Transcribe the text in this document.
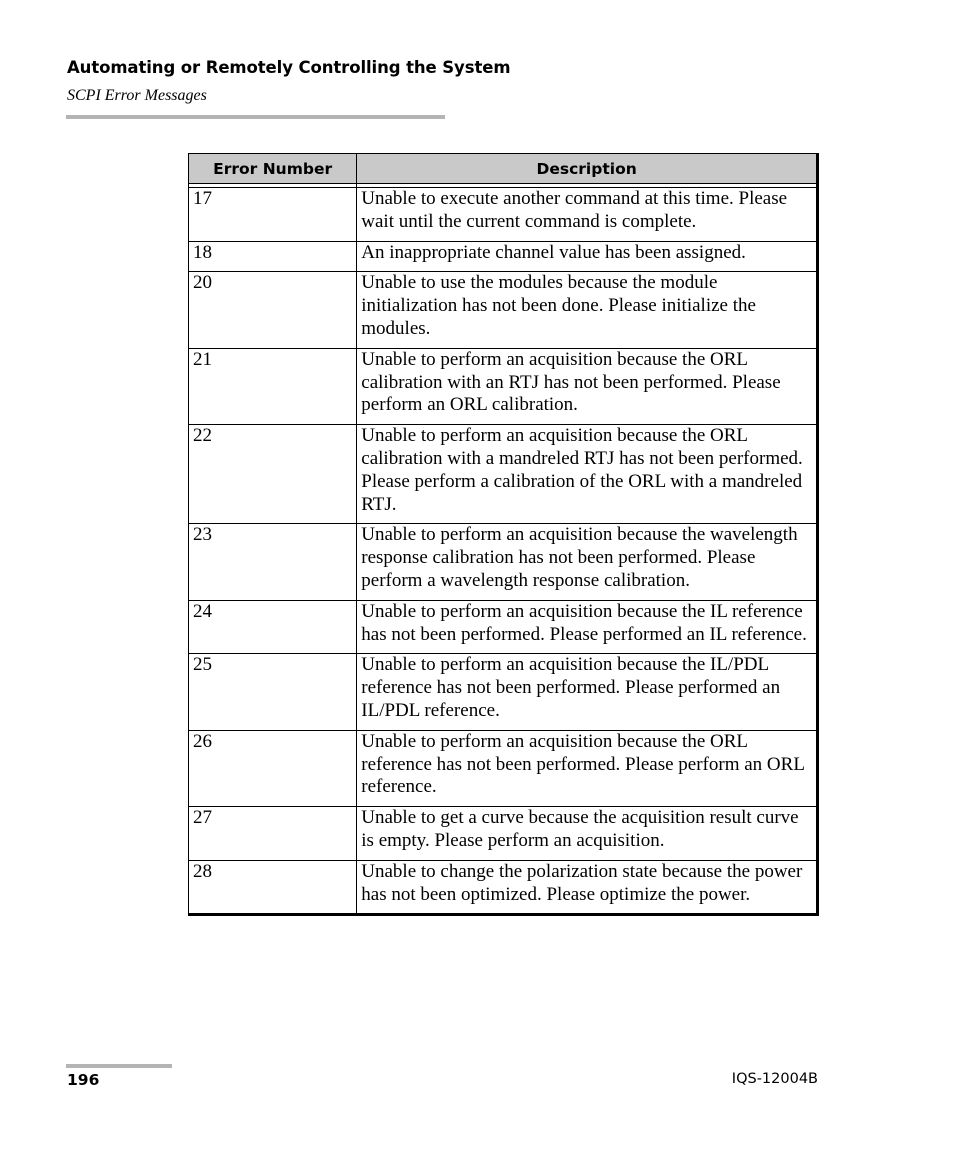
Automating or Remotely Controlling the System
SCPI Error Messages
Error Number	Description

17	Unable to execute another command at this time. Please wait until the current command is complete.
18	An inappropriate channel value has been assigned.
20	Unable to use the modules because the module initialization has not been done. Please initialize the modules.
21	Unable to perform an acquisition because the ORL calibration with an RTJ has not been performed. Please perform an ORL calibration.
22	Unable to perform an acquisition because the ORL calibration with a mandreled RTJ has not been performed. Please perform a calibration of the ORL with a mandreled RTJ.
23	Unable to perform an acquisition because the wavelength response calibration has not been performed. Please perform a wavelength response calibration.
24	Unable to perform an acquisition because the IL reference has not been performed. Please performed an IL reference.
25	Unable to perform an acquisition because the IL/PDL reference has not been performed. Please performed an IL/PDL reference.
26	Unable to perform an acquisition because the ORL reference has not been performed. Please perform an ORL reference.
27	Unable to get a curve because the acquisition result curve is empty. Please perform an acquisition.
28	Unable to change the polarization state because the power has not been optimized. Please optimize the power.
196	IQS-12004B
